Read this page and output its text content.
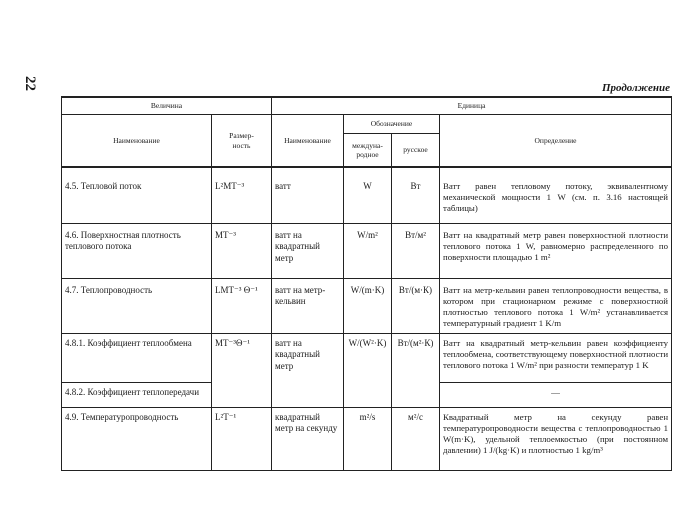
22	Продолжение
Величина		Единица			
Наименование	Размер-
ность	Наименование	Обозначение		Определение
			междуна-
родное	русское	
4.5. Тепловой поток	L²MT⁻³	ватт	W	Вт	Ватт равен тепловому потоку, эквивалентному механической мощности 1 W (см. п. 3.16 настоящей таблицы)
4.6. Поверхностная плотность теплового потока	MT⁻³	ватт на квадратный метр	W/m²	Вт/м²	Ватт на квадратный метр равен поверхностной плотности теплового потока 1 W, равномерно распределенного по поверхности площадью 1 m²
4.7. Теплопроводность	LMT⁻³ Θ⁻¹	ватт на метр-кельвин	W/(m·K)	Вт/(м·К)	Ватт на метр-кельвин равен теплопроводности вещества, в котором при стационарном режиме с поверхностной плотностью теплового потока 1 W/m² устанавливается температурный градиент 1 K/m
4.8.1. Коэффициент теплообмена	MT⁻³Θ⁻¹	ватт на квадратный метр	W/(W²·K)	Вт/(м²·К)	Ватт на квадратный метр-кельвин равен коэффициенту теплообмена, соответствующему поверхностной плотности теплового потока 1 W/m² при разности температур 1 K
4.8.2. Коэффициент теплопередачи					—
4.9. Температуропроводность	L²T⁻¹	квадратный метр на секунду	m²/s	м²/с	Квадратный метр на секунду равен температуропроводности вещества с теплопроводностью 1 W(m·K), удельной теплоемкостью (при постоянном давлении) 1 J/(kg·K) и плотностью 1 kg/m³
